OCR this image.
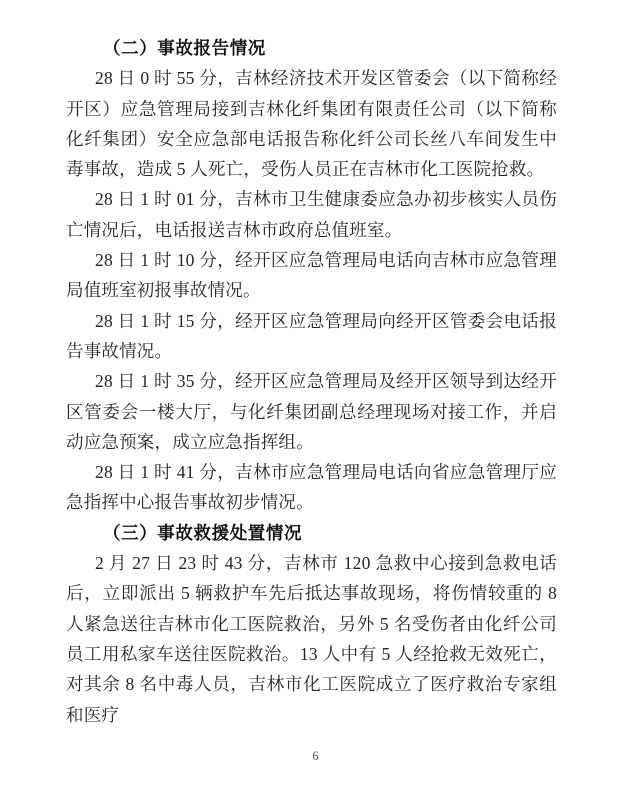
（二）事故报告情况

28 日 0 时 55 分，吉林经济技术开发区管委会（以下简称经开区）应急管理局接到吉林化纤集团有限责任公司（以下简称化纤集团）安全应急部电话报告称化纤公司长丝八车间发生中毒事故，造成 5 人死亡，受伤人员正在吉林市化工医院抢救。

28 日 1 时 01 分，吉林市卫生健康委应急办初步核实人员伤亡情况后，电话报送吉林市政府总值班室。

28 日 1 时 10 分，经开区应急管理局电话向吉林市应急管理局值班室初报事故情况。

28 日 1 时 15 分，经开区应急管理局向经开区管委会电话报告事故情况。

28 日 1 时 35 分，经开区应急管理局及经开区领导到达经开区管委会一楼大厅，与化纤集团副总经理现场对接工作，并启动应急预案，成立应急指挥组。

28 日 1 时 41 分，吉林市应急管理局电话向省应急管理厅应急指挥中心报告事故初步情况。

（三）事故救援处置情况

2 月 27 日 23 时 43 分，吉林市 120 急救中心接到急救电话后，立即派出 5 辆救护车先后抵达事故现场，将伤情较重的 8 人紧急送往吉林市化工医院救治，另外 5 名受伤者由化纤公司员工用私家车送往医院救治。13 人中有 5 人经抢救无效死亡，对其余 8 名中毒人员，吉林市化工医院成立了医疗救治专家组和医疗

6
